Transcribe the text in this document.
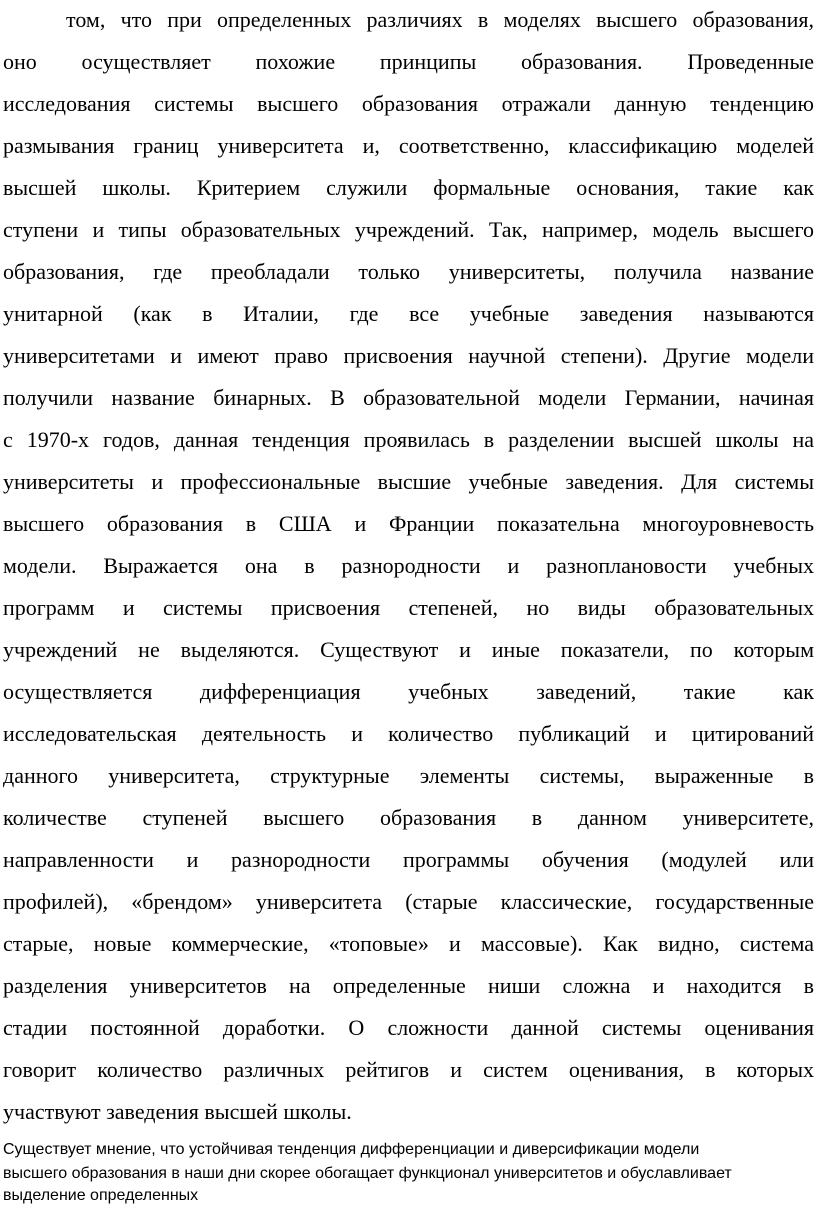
том, что при определенных различиях в моделях высшего образования,
оно осуществляет похожие принципы образования. Проведенные
исследования системы высшего образования отражали данную тенденцию
размывания границ университета и, соответственно, классификацию моделей
высшей школы. Критерием служили формальные основания, такие как
ступени и типы образовательных учреждений. Так, например, модель высшего
образования, где преобладали только университеты, получила название
унитарной (как в Италии, где все учебные заведения называются
университетами и имеют право присвоения научной степени). Другие модели
получили название бинарных. В образовательной модели Германии, начиная
с 1970-х годов, данная тенденция проявилась в разделении высшей школы на
университеты и профессиональные высшие учебные заведения. Для системы
высшего образования в США и Франции показательна многоуровневость
модели. Выражается она в разнородности и разноплановости учебных
программ и системы присвоения степеней, но виды образовательных
учреждений не выделяются. Существуют и иные показатели, по которым
осуществляется дифференциация учебных заведений, такие как
исследовательская деятельность и количество публикаций и цитирований
данного университета, структурные элементы системы, выраженные в
количестве ступеней высшего образования в данном университете,
направленности и разнородности программы обучения (модулей или
профилей), «брендом» университета (старые классические, государственные
старые, новые коммерческие, «топовые» и массовые). Как видно, система
разделения университетов на определенные ниши сложна и находится в
стадии постоянной доработки. О сложности данной системы оценивания
говорит количество различных рейтигов и систем оценивания, в которых
участвуют заведения высшей школы.
Существует мнение, что устойчивая тенденция дифференциации и диверсификации модели
высшего образования в наши дни скорее обогащает функционал университетов и обуславливает
выделение определенных
